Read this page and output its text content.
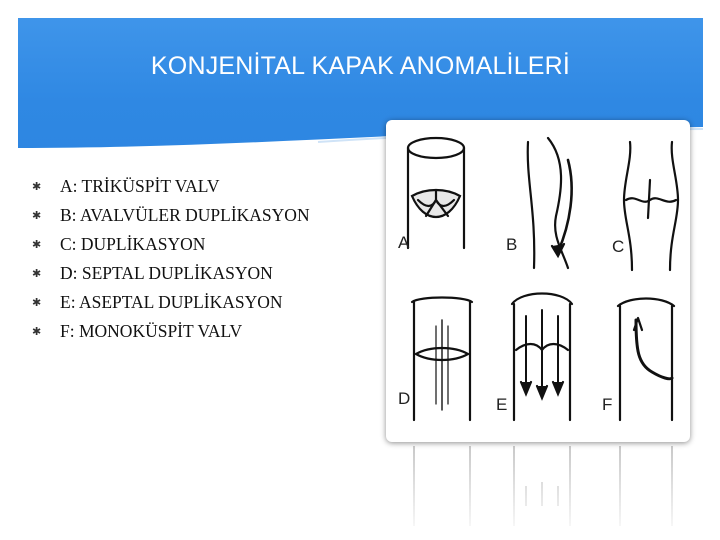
KONJENİTAL KAPAK ANOMALİLERİ
✱	A: TRİKÜSPİT VALV
✱	B: AVALVÜLER DUPLİKASYON
✱	C: DUPLİKASYON
✱	D: SEPTAL DUPLİKASYON
✱	E: ASEPTAL DUPLİKASYON
✱	F: MONOKÜSPİT VALV
A	B	C
D	E	F
